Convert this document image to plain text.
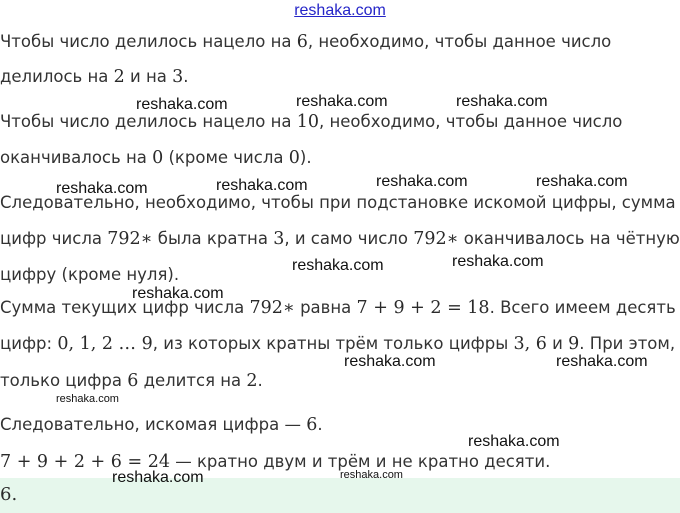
reshaka.com
Чтобы число делилось нацело на 6, необходимо, чтобы данное число
делилось на 2 и на 3.
Чтобы число делилось нацело на 10, необходимо, чтобы данное число
оканчивалось на 0 (кроме числа 0).
Следовательно, необходимо, чтобы при подстановке искомой цифры, сумма
цифр числа 792∗ была кратна 3, и само число 792∗ оканчивалось на чётную
цифру (кроме нуля).
Сумма текущих цифр числа 792∗ равна 7 + 9 + 2 = 18. Всего имеем десять
цифр: 0, 1, 2 … 9, из которых кратны трём только цифры 3, 6 и 9. При этом,
только цифра 6 делится на 2.
Следовательно, искомая цифра — 6.
7 + 9 + 2 + 6 = 24 — кратно двум и трём и не кратно десяти.
6.
reshaka.com	reshaka.com	reshaka.com
reshaka.com	reshaka.com	reshaka.com	reshaka.com
reshaka.com	reshaka.com
reshaka.com
reshaka.com	reshaka.com
reshaka.com
reshaka.com
reshaka.com	reshaka.com
